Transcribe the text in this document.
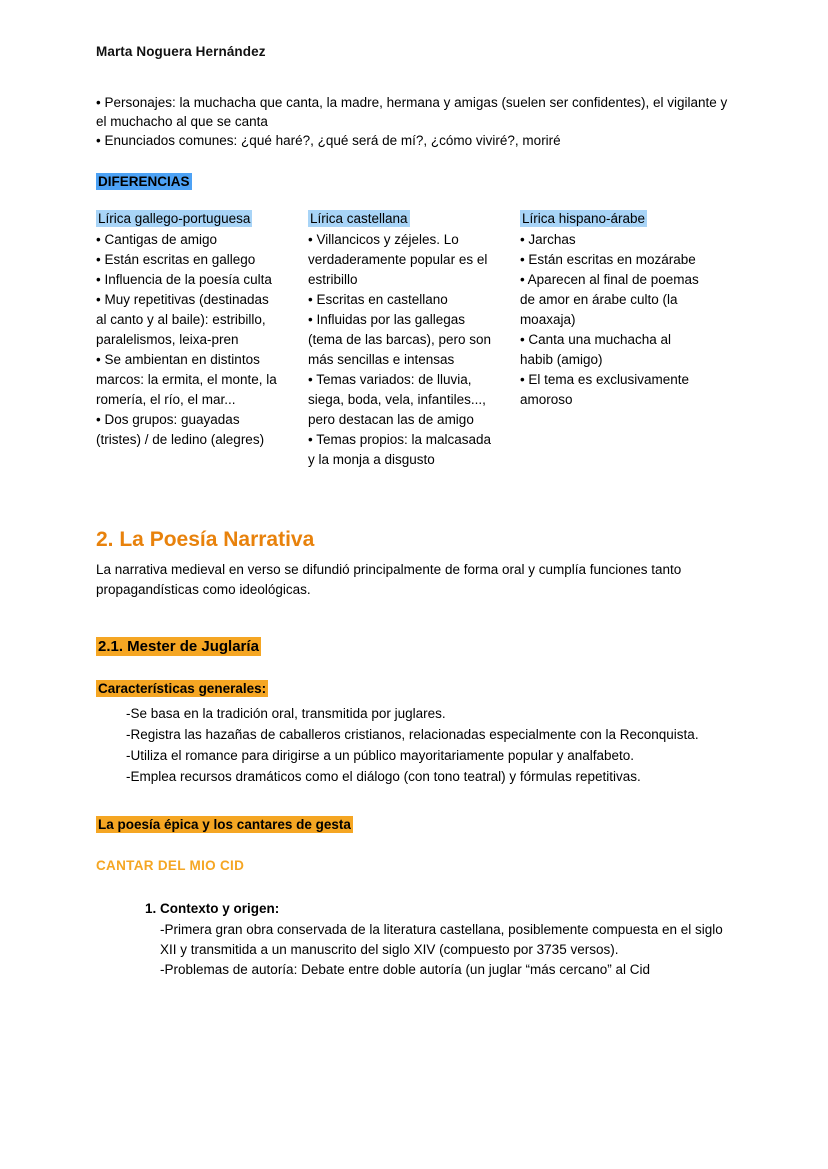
Marta Noguera Hernández

• Personajes: la muchacha que canta, la madre, hermana y amigas (suelen ser confidentes), el vigilante y el muchacho al que se canta

• Enunciados comunes: ¿qué haré?, ¿qué será de mí?, ¿cómo viviré?, moriré

DIFERENCIAS
Lírica gallego-portuguesa
• Cantigas de amigo
• Están escritas en gallego
• Influencia de la poesía culta
• Muy repetitivas (destinadas al canto y al baile): estribillo, paralelismos, leixa-pren
• Se ambientan en distintos marcos: la ermita, el monte, la romería, el río, el mar...
• Dos grupos: guayadas (tristes) / de ledino (alegres)
Lírica castellana
• Villancicos y zéjeles. Lo verdaderamente popular es el estribillo
• Escritas en castellano
• Influidas por las gallegas (tema de las barcas), pero son más sencillas e intensas
• Temas variados: de lluvia, siega, boda, vela, infantiles..., pero destacan las de amigo
• Temas propios: la malcasada y la monja a disgusto
Lírica hispano-árabe
• Jarchas
• Están escritas en mozárabe
• Aparecen al final de poemas de amor en árabe culto (la moaxaja)
• Canta una muchacha al habib (amigo)
• El tema es exclusivamente amoroso
2. La Poesía Narrativa

La narrativa medieval en verso se difundió principalmente de forma oral y cumplía funciones tanto propagandísticas como ideológicas.

2.1. Mester de Juglaría
Características generales:
-Se basa en la tradición oral, transmitida por juglares.
-Registra las hazañas de caballeros cristianos, relacionadas especialmente con la Reconquista.
-Utiliza el romance para dirigirse a un público mayoritariamente popular y analfabeto.
-Emplea recursos dramáticos como el diálogo (con tono teatral) y fórmulas repetitivas.
La poesía épica y los cantares de gesta
CANTAR DEL MIO CID
1. Contexto y origen:

-Primera gran obra conservada de la literatura castellana, posiblemente compuesta en el siglo XII y transmitida a un manuscrito del siglo XIV (compuesto por 3735 versos).

-Problemas de autoría: Debate entre doble autoría (un juglar “más cercano” al Cid
